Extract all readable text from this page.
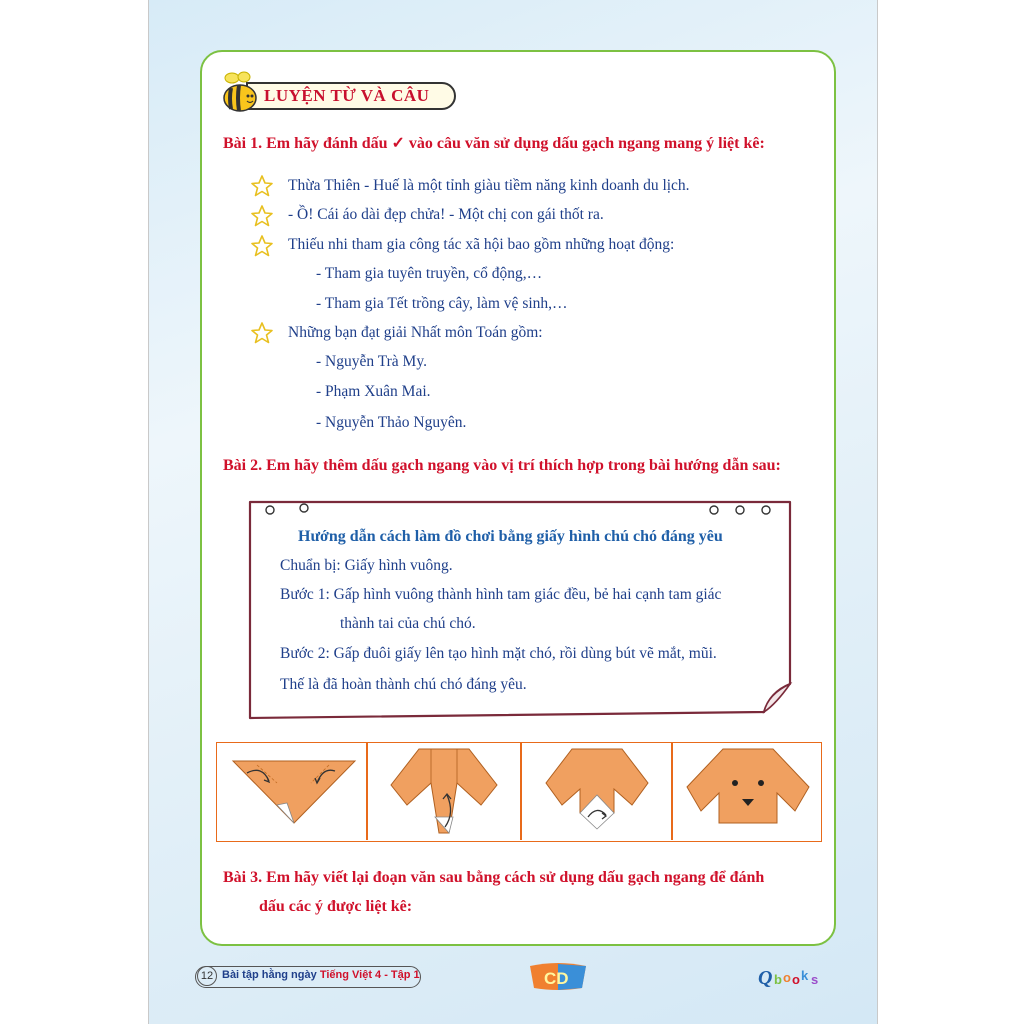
LUYỆN TỪ VÀ CÂU
Bài 1. Em hãy đánh dấu ✓ vào câu văn sử dụng dấu gạch ngang mang ý liệt kê:
Thừa Thiên - Huế là một tỉnh giàu tiềm năng kinh doanh du lịch.
- Ồ! Cái áo dài đẹp chửa! - Một chị con gái thốt ra.
Thiếu nhi tham gia công tác xã hội bao gồm những hoạt động:
- Tham gia tuyên truyền, cổ động,…
- Tham gia Tết trồng cây, làm vệ sinh,…
Những bạn đạt giải Nhất môn Toán gồm:
- Nguyễn Trà My.
- Phạm Xuân Mai.
- Nguyễn Thảo Nguyên.
Bài 2. Em hãy thêm dấu gạch ngang vào vị trí thích hợp trong bài hướng dẫn sau:
Hướng dẫn cách làm đồ chơi bằng giấy hình chú chó đáng yêu
Chuẩn bị: Giấy hình vuông.
Bước 1: Gấp hình vuông thành hình tam giác đều, bẻ hai cạnh tam giác
thành tai của chú chó.
Bước 2: Gấp đuôi giấy lên tạo hình mặt chó, rồi dùng bút vẽ mắt, mũi.
Thế là đã hoàn thành chú chó đáng yêu.
Bài 3. Em hãy viết lại đoạn văn sau bằng cách sử dụng dấu gạch ngang để đánh
dấu các ý được liệt kê:
12 Bài tập hằng ngày Tiếng Việt 4 - Tập 1	CD	Q b o o k s
